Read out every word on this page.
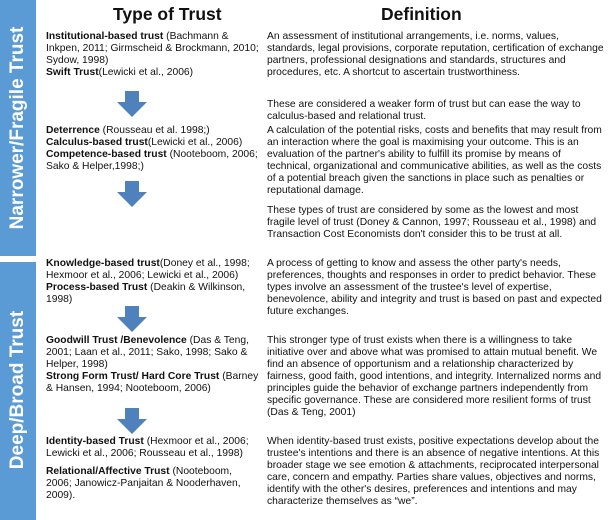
Narrower/Fragile Trust
Deep/Broad Trust
Type of Trust	Definition

Institutional-based trust (Bachmann & Inkpen, 2011; Girmscheid & Brockmann, 2010; Sydow, 1998)

Swift Trust(Lewicki et al., 2006)

An assessment of institutional arrangements, i.e. norms, values, standards, legal provisions, corporate reputation, certification of exchange partners, professional designations and standards, structures and procedures, etc. A shortcut to ascertain trustworthiness.
These are considered a weaker form of trust but can ease the way to calculus-based and relational trust.

Deterrence (Rousseau et al. 1998;)

Calculus-based trust(Lewicki et al., 2006)

Competence-based trust (Nooteboom, 2006; Sako & Helper,1998;)

A calculation of the potential risks, costs and benefits that may result from an interaction where the goal is maximising your outcome. This is an evaluation of the partner's ability to fulfill its promise by means of technical, organizational and communicative abilities, as well as the costs of a potential breach given the sanctions in place such as penalties or reputational damage.
These types of trust are considered by some as the lowest and most fragile level of trust (Doney & Cannon, 1997; Rousseau et al., 1998) and Transaction Cost Economists don't consider this to be trust at all.

Knowledge-based trust(Doney et al., 1998; Hexmoor et al., 2006; Lewicki et al., 2006)

Process-based Trust (Deakin & Wilkinson, 1998)

A process of getting to know and assess the other party's needs, preferences, thoughts and responses in order to predict behavior. These types involve an assessment of the trustee's level of expertise, benevolence, ability and integrity and trust is based on past and expected future exchanges.

Goodwill Trust /Benevolence (Das & Teng, 2001; Laan et al., 2011; Sako, 1998; Sako & Helper, 1998)

Strong Form Trust/ Hard Core Trust (Barney & Hansen, 1994; Nooteboom, 2006)

This stronger type of trust exists when there is a willingness to take initiative over and above what was promised to attain mutual benefit. We find an absence of opportunism and a relationship characterized by fairness, good faith, good intentions, and integrity. Internalized norms and principles guide the behavior of exchange partners independently from specific governance. These are considered more resilient forms of trust (Das & Teng, 2001)

Identity-based Trust (Hexmoor et al., 2006; Lewicki et al., 2006; Rousseau et al., 1998)

Relational/Affective Trust (Nooteboom, 2006; Janowicz-Panjaitan & Nooderhaven, 2009).

When identity-based trust exists, positive expectations develop about the trustee's intentions and there is an absence of negative intentions. At this broader stage we see emotion & attachments, reciprocated interpersonal care, concern and empathy. Parties share values, objectives and norms, identify with the other's desires, preferences and intentions and may characterize themselves as “we”.
